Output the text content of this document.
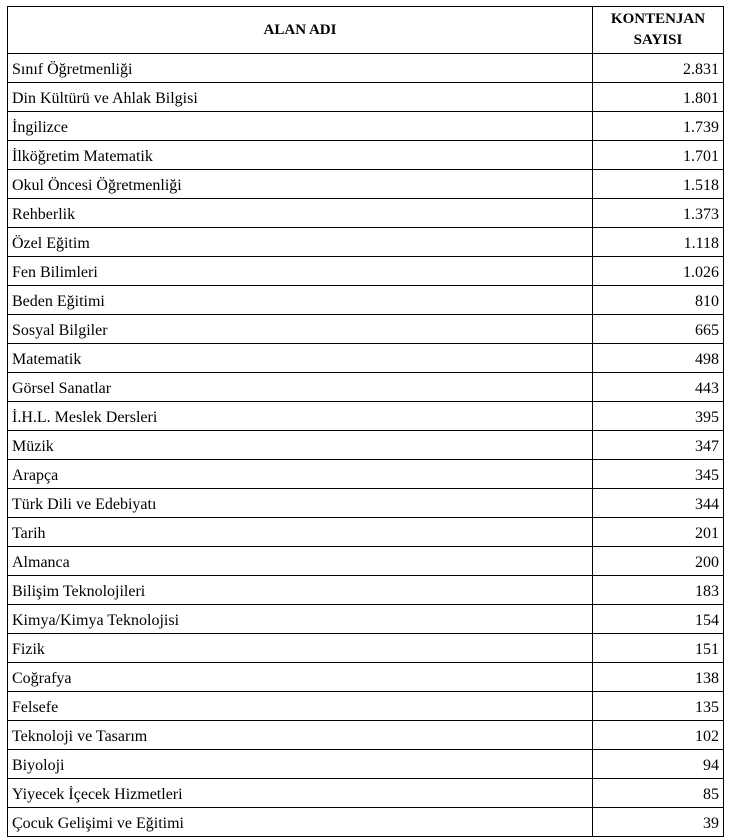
ALAN ADI	KONTENJAN
SAYISI
Sınıf Öğretmenliği	2.831
Din Kültürü ve Ahlak Bilgisi	1.801
İngilizce	1.739
İlköğretim Matematik	1.701
Okul Öncesi Öğretmenliği	1.518
Rehberlik	1.373
Özel Eğitim	1.118
Fen Bilimleri	1.026
Beden Eğitimi	810
Sosyal Bilgiler	665
Matematik	498
Görsel Sanatlar	443
İ.H.L. Meslek Dersleri	395
Müzik	347
Arapça	345
Türk Dili ve Edebiyatı	344
Tarih	201
Almanca	200
Bilişim Teknolojileri	183
Kimya/Kimya Teknolojisi	154
Fizik	151
Coğrafya	138
Felsefe	135
Teknoloji ve Tasarım	102
Biyoloji	94
Yiyecek İçecek Hizmetleri	85
Çocuk Gelişimi ve Eğitimi	39
